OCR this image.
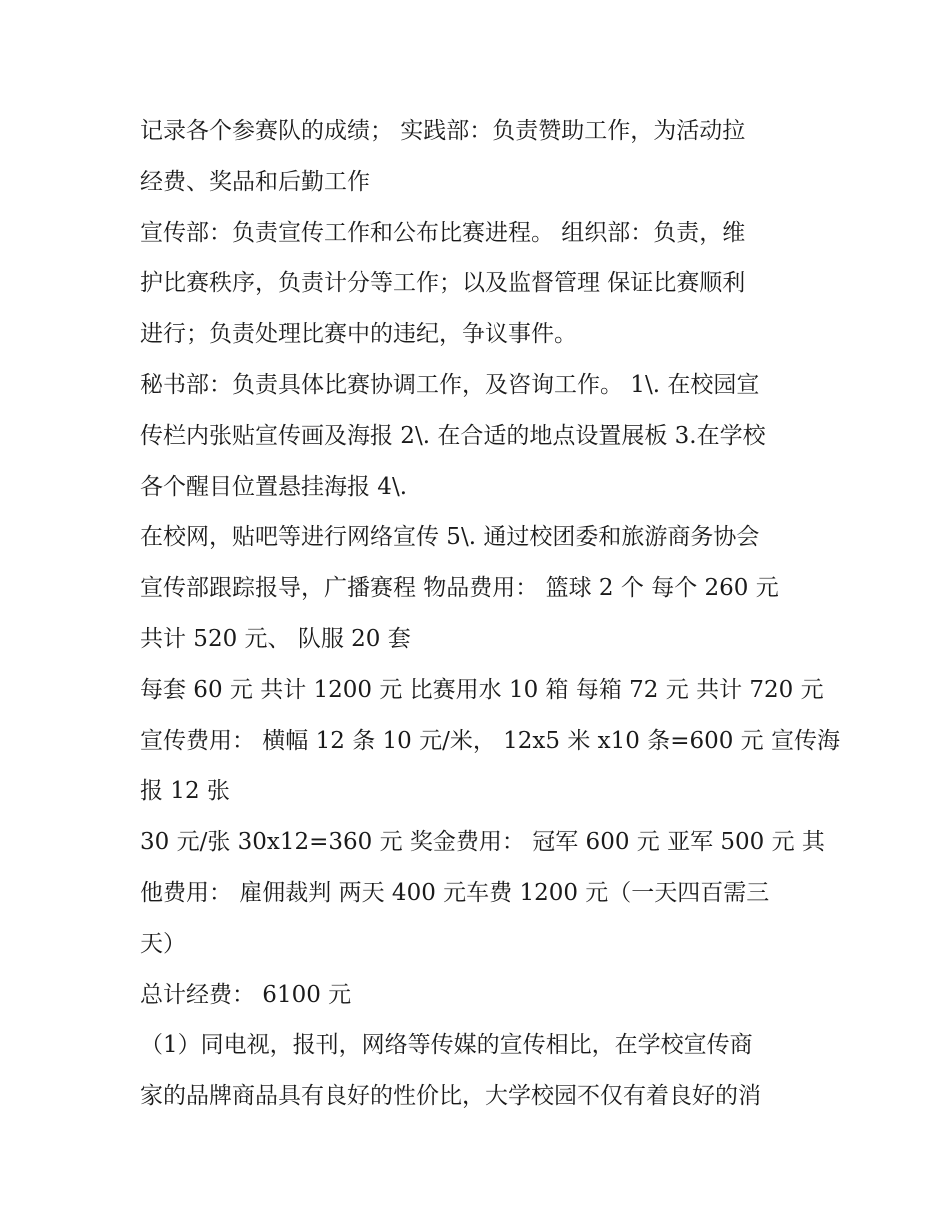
记录各个参赛队的成绩； 实践部：负责赞助工作，为活动拉
经费、奖品和后勤工作
宣传部：负责宣传工作和公布比赛进程。 组织部：负责，维
护比赛秩序，负责计分等工作；以及监督管理 保证比赛顺利
进行；负责处理比赛中的违纪，争议事件。
秘书部：负责具体比赛协调工作，及咨询工作。 1\. 在校园宣
传栏内张贴宣传画及海报 2\. 在合适的地点设置展板 3.在学校
各个醒目位置悬挂海报 4\.
在校网，贴吧等进行网络宣传 5\. 通过校团委和旅游商务协会
宣传部跟踪报导，广播赛程 物品费用： 篮球 2 个 每个 260 元
共计 520 元、 队服 20 套
每套 60 元 共计 1200 元 比赛用水 10 箱 每箱 72 元 共计 720 元
宣传费用： 横幅 12 条 10 元/米， 12x5 米 x10 条=600 元 宣传海
报 12 张
30 元/张 30x12=360 元 奖金费用： 冠军 600 元 亚军 500 元 其
他费用： 雇佣裁判 两天 400 元车费 1200 元（一天四百需三
天）
总计经费： 6100 元
（1）同电视，报刊，网络等传媒的宣传相比，在学校宣传商
家的品牌商品具有良好的性价比，大学校园不仅有着良好的消
